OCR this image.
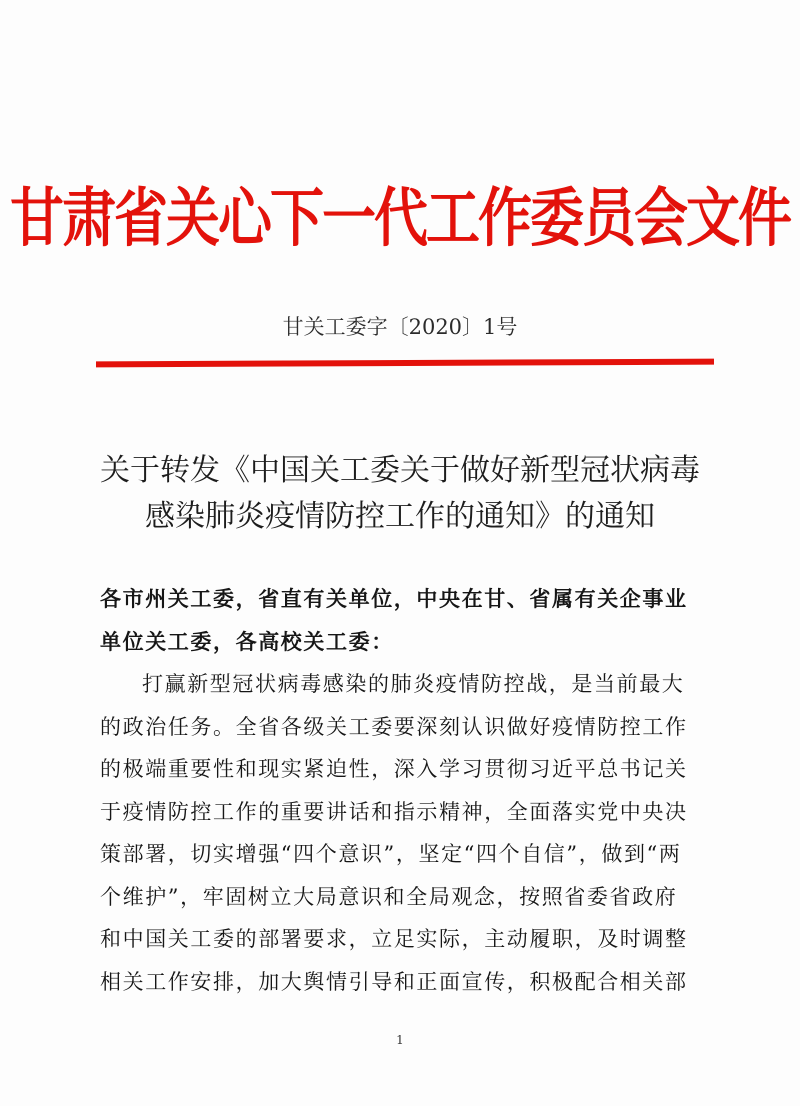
甘肃省关心下一代工作委员会文件
甘关工委字〔2020〕1号
关于转发《中国关工委关于做好新型冠状病毒
感染肺炎疫情防控工作的通知》的通知
各市州关工委，省直有关单位，中央在甘、省属有关企事业
单位关工委，各高校关工委：
打赢新型冠状病毒感染的肺炎疫情防控战，是当前最大
的政治任务。全省各级关工委要深刻认识做好疫情防控工作
的极端重要性和现实紧迫性，深入学习贯彻习近平总书记关
于疫情防控工作的重要讲话和指示精神，全面落实党中央决
策部署，切实增强“四个意识”，坚定“四个自信”，做到“两
个维护”，牢固树立大局意识和全局观念，按照省委省政府
和中国关工委的部署要求，立足实际，主动履职，及时调整
相关工作安排，加大舆情引导和正面宣传，积极配合相关部
1
